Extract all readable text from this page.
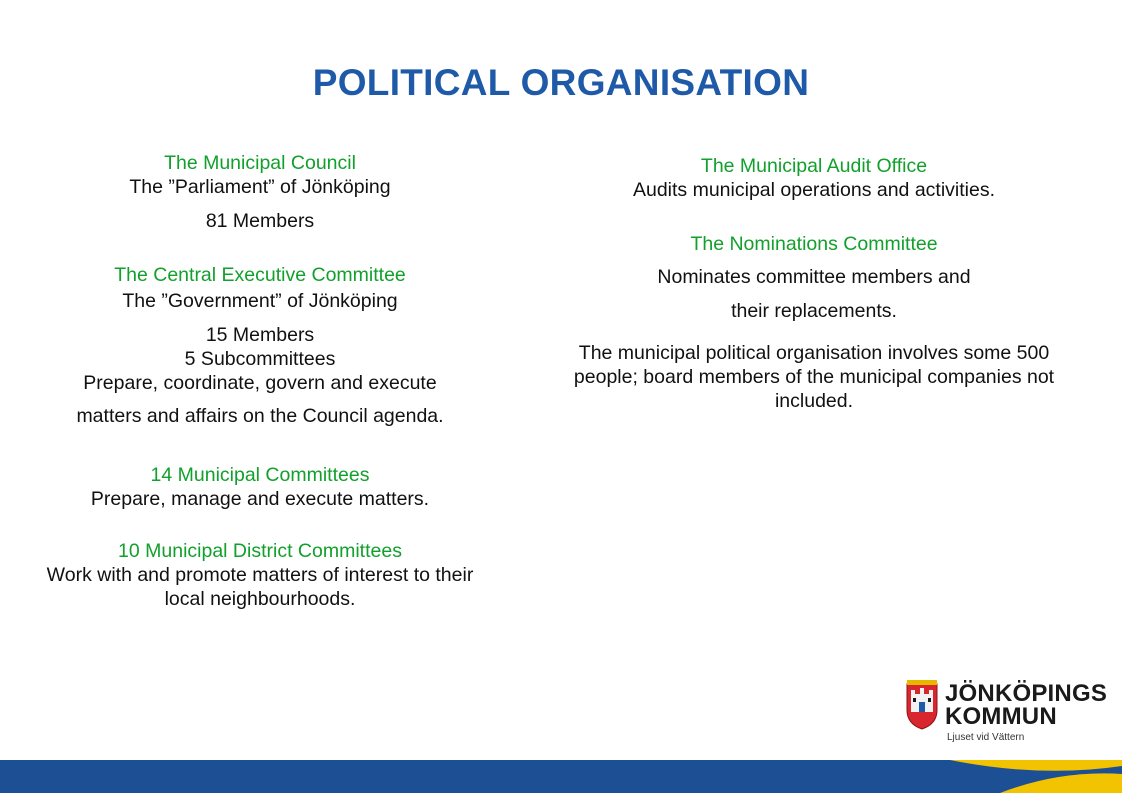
POLITICAL ORGANISATION
The Municipal Council
The ”Parliament” of Jönköping
81 Members
The Central Executive Committee
The ”Government” of Jönköping
15 Members
5 Subcommittees
Prepare, coordinate, govern and execute
matters and affairs on the Council agenda.
14 Municipal Committees
Prepare, manage and execute matters.
10 Municipal District Committees
Work with and promote matters of interest to their local neighbourhoods.
The Municipal Audit Office
Audits municipal operations and activities.
The Nominations Committee
Nominates committee members and
their replacements.
The municipal political organisation involves some 500 people; board members of the municipal companies not included.
JÖNKÖPINGS
KOMMUN
Ljuset vid Vättern
